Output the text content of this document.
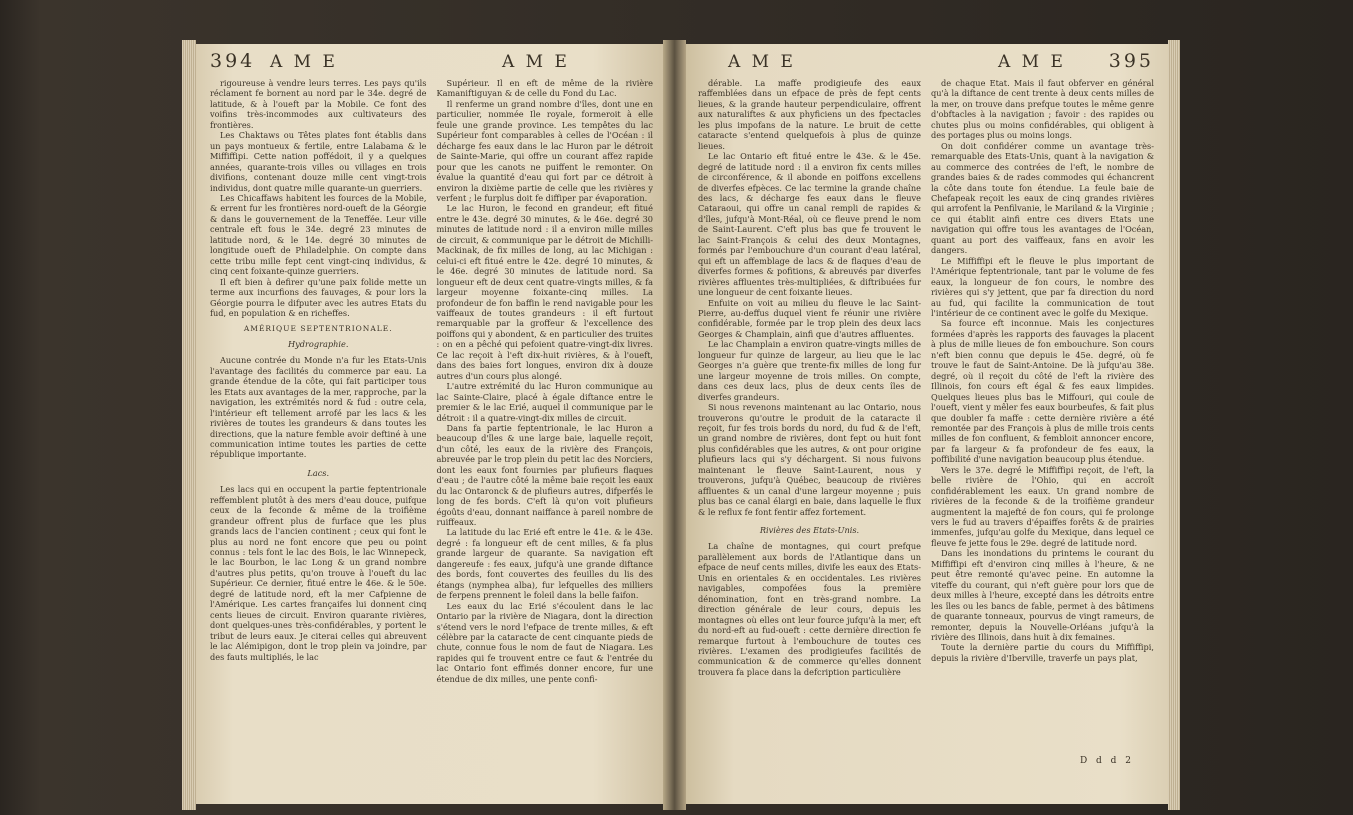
394 A M E	A M E

rigoureuse à vendre leurs terres. Les pays qu'ils réclament fe bornent au nord par le 34e. degré de latitude, & à l'oueft par la Mobile. Ce font des voifins très-incommodes aux cultivateurs des frontières.

Les Chaktaws ou Têtes plates font établis dans un pays montueux & fertile, entre Lalabama & le Miffiffipi. Cette nation poffédoit, il y a quelques années, quarante-trois villes ou villages en trois divifions, contenant douze mille cent vingt-trois individus, dont quatre mille quarante-un guerriers.

Les Chicaffaws habitent les fources de la Mobile, & errent fur les frontières nord-oueft de la Géorgie & dans le gouvernement de la Teneffée. Leur ville centrale eft fous le 34e. degré 23 minutes de latitude nord, & le 14e. degré 30 minutes de longitude oueft de Philadelphie. On compte dans cette tribu mille fept cent vingt-cinq individus, & cinq cent foixante-quinze guerriers.

Il eft bien à defirer qu'une paix folide mette un terme aux incurfions des fauvages, & pour lors la Géorgie pourra le difputer avec les autres Etats du fud, en population & en richeffes.

AMÉRIQUE SEPTENTRIONALE.

Hydrographie.

Aucune contrée du Monde n'a fur les Etats-Unis l'avantage des facilités du commerce par eau. La grande étendue de la côte, qui fait participer tous les Etats aux avantages de la mer, rapproche, par la navigation, les extrémités nord & fud : outre cela, l'intérieur eft tellement arrofé par les lacs & les rivières de toutes les grandeurs & dans toutes les directions, que la nature femble avoir deftiné à une communication intime toutes les parties de cette république importante.

Lacs.

Les lacs qui en occupent la partie feptentrionale reffemblent plutôt à des mers d'eau douce, puifque ceux de la feconde & même de la troifième grandeur offrent plus de furface que les plus grands lacs de l'ancien continent ; ceux qui font le plus au nord ne font encore que peu ou point connus : tels font le lac des Bois, le lac Winnepeck, le lac Bourbon, le lac Long & un grand nombre d'autres plus petits, qu'on trouve à l'oueft du lac Supérieur. Ce dernier, fitué entre le 46e. & le 50e. degré de latitude nord, eft la mer Cafpienne de l'Amérique. Les cartes françaifes lui donnent cinq cents lieues de circuit. Environ quarante rivières, dont quelques-unes très-confidérables, y portent le tribut de leurs eaux. Je citerai celles qui abreuvent le lac Alémipigon, dont le trop plein va joindre, par des fauts multipliés, le lac

Supérieur. Il en eft de même de la rivière Kamaniftiguyan & de celle du Fond du Lac.

Il renferme un grand nombre d'îles, dont une en particulier, nommée Ile royale, formeroit à elle feule une grande province. Les tempêtes du lac Supérieur font comparables à celles de l'Océan : il décharge fes eaux dans le lac Huron par le détroit de Sainte-Marie, qui offre un courant affez rapide pour que les canots ne puiffent le remonter. On évalue la quantité d'eau qui fort par ce détroit à environ la dixième partie de celle que les rivières y verfent ; le furplus doit fe diffiper par évaporation.

Le lac Huron, le fecond en grandeur, eft fitué entre le 43e. degré 30 minutes, & le 46e. degré 30 minutes de latitude nord : il a environ mille milles de circuit, & communique par le détroit de Michilli-Mackinak, de fix milles de long, au lac Michigan : celui-ci eft fitué entre le 42e. degré 10 minutes, & le 46e. degré 30 minutes de latitude nord. Sa longueur eft de deux cent quatre-vingts milles, & fa largeur moyenne foixante-cinq milles. La profondeur de fon baffin le rend navigable pour les vaiffeaux de toutes grandeurs : il eft furtout remarquable par la groffeur & l'excellence des poiffons qui y abondent, & en particulier des truites : on en a pêché qui pefoient quatre-vingt-dix livres. Ce lac reçoit à l'eft dix-huit rivières, & à l'oueft, dans des baies fort longues, environ dix à douze autres d'un cours plus alongé.

L'autre extrémité du lac Huron communique au lac Sainte-Claire, placé à égale diftance entre le premier & le lac Erié, auquel il communique par le détroit : il a quatre-vingt-dix milles de circuit.

Dans fa partie feptentrionale, le lac Huron a beaucoup d'îles & une large baie, laquelle reçoit, d'un côté, les eaux de la rivière des François, abreuvée par le trop plein du petit lac des Norciers, dont les eaux font fournies par plufieurs flaques d'eau ; de l'autre côté la même baie reçoit les eaux du lac Ontaronck & de plufieurs autres, difperfés le long de fes bords. C'eft là qu'on voit plufieurs égoûts d'eau, donnant naiffance à pareil nombre de ruiffeaux.

La latitude du lac Erié eft entre le 41e. & le 43e. degré : fa longueur eft de cent milles, & fa plus grande largeur de quarante. Sa navigation eft dangereufe : fes eaux, jufqu'à une grande diftance des bords, font couvertes des feuilles du lis des étangs (nymphea alba), fur lefquelles des milliers de ferpens prennent le foleil dans la belle faifon.

Les eaux du lac Erié s'écoulent dans le lac Ontario par la rivière de Niagara, dont la direction s'étend vers le nord l'efpace de trente milles, & eft célèbre par la cataracte de cent cinquante pieds de chute, connue fous le nom de faut de Niagara. Les rapides qui fe trouvent entre ce faut & l'entrée du lac Ontario font effimés donner encore, fur une étendue de dix milles, une pente confi-

A M E	A M E 395

dérable. La maffe prodigieufe des eaux raffemblées dans un efpace de près de fept cents lieues, & la grande hauteur perpendiculaire, offrent aux naturaliftes & aux phyficiens un des fpectacles les plus impofans de la nature. Le bruit de cette cataracte s'entend quelquefois à plus de quinze lieues.

Le lac Ontario eft fitué entre le 43e. & le 45e. degré de latitude nord : il a environ fix cents milles de circonférence, & il abonde en poiffons excellens de diverfes efpèces. Ce lac termine la grande chaîne des lacs, & décharge fes eaux dans le fleuve Cataraoui, qui offre un canal rempli de rapides & d'îles, jufqu'à Mont-Réal, où ce fleuve prend le nom de Saint-Laurent. C'eft plus bas que fe trouvent le lac Saint-François & celui des deux Montagnes, formés par l'embouchure d'un courant d'eau latéral, qui eft un affemblage de lacs & de flaques d'eau de diverfes formes & pofitions, & abreuvés par diverfes rivières affluentes très-multipliées, & diftribuées fur une longueur de cent foixante lieues.

Enfuite on voit au milieu du fleuve le lac Saint-Pierre, au-deffus duquel vient fe réunir une rivière confidérable, formée par le trop plein des deux lacs Georges & Champlain, ainfi que d'autres affluentes.

Le lac Champlain a environ quatre-vingts milles de longueur fur quinze de largeur, au lieu que le lac Georges n'a guère que trente-fix milles de long fur une largeur moyenne de trois milles. On compte, dans ces deux lacs, plus de deux cents îles de diverfes grandeurs.

Si nous revenons maintenant au lac Ontario, nous trouverons qu'outre le produit de la cataracte il reçoit, fur fes trois bords du nord, du fud & de l'eft, un grand nombre de rivières, dont fept ou huit font plus confidérables que les autres, & ont pour origine plufieurs lacs qui s'y déchargent. Si nous fuivons maintenant le fleuve Saint-Laurent, nous y trouverons, jufqu'à Québec, beaucoup de rivières affluentes & un canal d'une largeur moyenne ; puis plus bas ce canal élargi en baie, dans laquelle le flux & le reflux fe font fentir affez fortement.

Rivières des Etats-Unis.

La chaîne de montagnes, qui court prefque parallèlement aux bords de l'Atlantique dans un efpace de neuf cents milles, divife les eaux des Etats-Unis en orientales & en occidentales. Les rivières navigables, compofées fous la première dénomination, font en très-grand nombre. La direction générale de leur cours, depuis les montagnes où elles ont leur fource jufqu'à la mer, eft du nord-eft au fud-oueft : cette dernière direction fe remarque furtout à l'embouchure de toutes ces rivières. L'examen des prodigieufes facilités de communication & de commerce qu'elles donnent trouvera fa place dans la defcription particulière

de chaque Etat. Mais il faut obferver en général qu'à la diftance de cent trente à deux cents milles de la mer, on trouve dans prefque toutes le même genre d'obftacles à la navigation ; favoir : des rapides ou chutes plus ou moins confidérables, qui obligent à des portages plus ou moins longs.

On doit confidérer comme un avantage très-remarquable des Etats-Unis, quant à la navigation & au commerce des contrées de l'eft, le nombre de grandes baies & de rades commodes qui échancrent la côte dans toute fon étendue. La feule baie de Chefapeak reçoit les eaux de cinq grandes rivières qui arrofent la Penfilvanie, le Mariland & la Virginie ; ce qui établit ainfi entre ces divers Etats une navigation qui offre tous les avantages de l'Océan, quant au port des vaiffeaux, fans en avoir les dangers.

Le Miffiffipi eft le fleuve le plus important de l'Amérique feptentrionale, tant par le volume de fes eaux, la longueur de fon cours, le nombre des rivières qui s'y jettent, que par fa direction du nord au fud, qui facilite la communication de tout l'intérieur de ce continent avec le golfe du Mexique.

Sa fource eft inconnue. Mais les conjectures formées d'après les rapports des fauvages la placent à plus de mille lieues de fon embouchure. Son cours n'eft bien connu que depuis le 45e. degré, où fe trouve le faut de Saint-Antoine. De là jufqu'au 38e. degré, où il reçoit du côté de l'eft la rivière des Illinois, fon cours eft égal & fes eaux limpides. Quelques lieues plus bas le Miffouri, qui coule de l'oueft, vient y mêler fes eaux bourbeufes, & fait plus que doubler fa maffe : cette dernière rivière a été remontée par des François à plus de mille trois cents milles de fon confluent, & fembloit annoncer encore, par fa largeur & fa profondeur de fes eaux, la poffibilité d'une navigation beaucoup plus étendue.

Vers le 37e. degré le Miffiffipi reçoit, de l'eft, la belle rivière de l'Ohio, qui en accroît confidérablement les eaux. Un grand nombre de rivières de la feconde & de la troifième grandeur augmentent la majefté de fon cours, qui fe prolonge vers le fud au travers d'épaiffes forêts & de prairies immenfes, jufqu'au golfe du Mexique, dans lequel ce fleuve fe jette fous le 29e. degré de latitude nord.

Dans les inondations du printems le courant du Miffiffipi eft d'environ cinq milles à l'heure, & ne peut être remonté qu'avec peine. En automne la viteffe du courant, qui n'eft guère pour lors que de deux milles à l'heure, excepté dans les détroits entre les îles ou les bancs de fable, permet à des bâtimens de quarante tonneaux, pourvus de vingt rameurs, de remonter, depuis la Nouvelle-Orléans jufqu'à la rivière des Illinois, dans huit à dix femaines.

Toute la dernière partie du cours du Miffiffipi, depuis la rivière d'Iberville, traverfe un pays plat,

D d d 2
